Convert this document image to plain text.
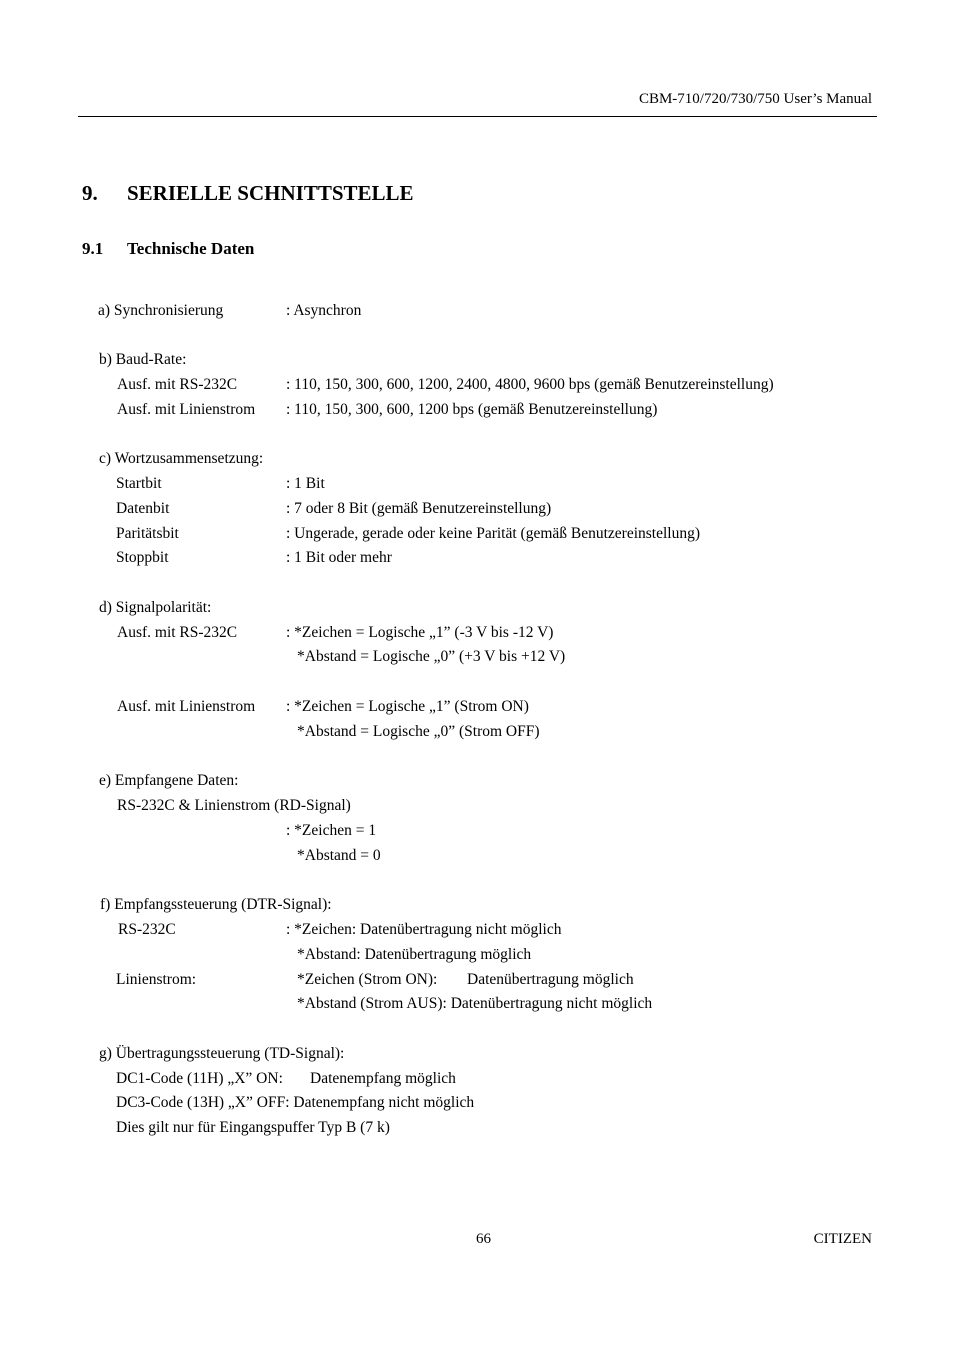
CBM-710/720/730/750 User’s Manual
9. SERIELLE SCHNITTSTELLE
9.1 Technische Daten
a) Synchronisierung	: Asynchron
b) Baud-Rate:
Ausf. mit RS-232C	: 110, 150, 300, 600, 1200, 2400, 4800, 9600 bps (gemäß Benutzereinstellung)
Ausf. mit Linienstrom : 110, 150, 300, 600, 1200 bps (gemäß Benutzereinstellung)
c) Wortzusammensetzung:
Startbit	: 1 Bit
Datenbit	: 7 oder 8 Bit (gemäß Benutzereinstellung)
Paritätsbit	: Ungerade, gerade oder keine Parität (gemäß Benutzereinstellung)
Stoppbit	: 1 Bit oder mehr
d) Signalpolarität:
Ausf. mit RS-232C	: *Zeichen = Logische „1” (-3 V bis -12 V)
*Abstand = Logische „0” (+3 V bis +12 V)
Ausf. mit Linienstrom : *Zeichen = Logische „1” (Strom ON)
*Abstand = Logische „0” (Strom OFF)
e) Empfangene Daten:
RS-232C & Linienstrom (RD-Signal)
: *Zeichen = 1
*Abstand = 0
f) Empfangssteuerung (DTR-Signal):
RS-232C	: *Zeichen: Datenübertragung nicht möglich
*Abstand: Datenübertragung möglich
Linienstrom:	*Zeichen (Strom ON): Datenübertragung möglich
*Abstand (Strom AUS): Datenübertragung nicht möglich
g) Übertragungssteuerung (TD-Signal):
DC1-Code (11H) „X” ON: Datenempfang möglich
DC3-Code (13H) „X” OFF: Datenempfang nicht möglich
Dies gilt nur für Eingangspuffer Typ B (7 k)
66	CITIZEN
